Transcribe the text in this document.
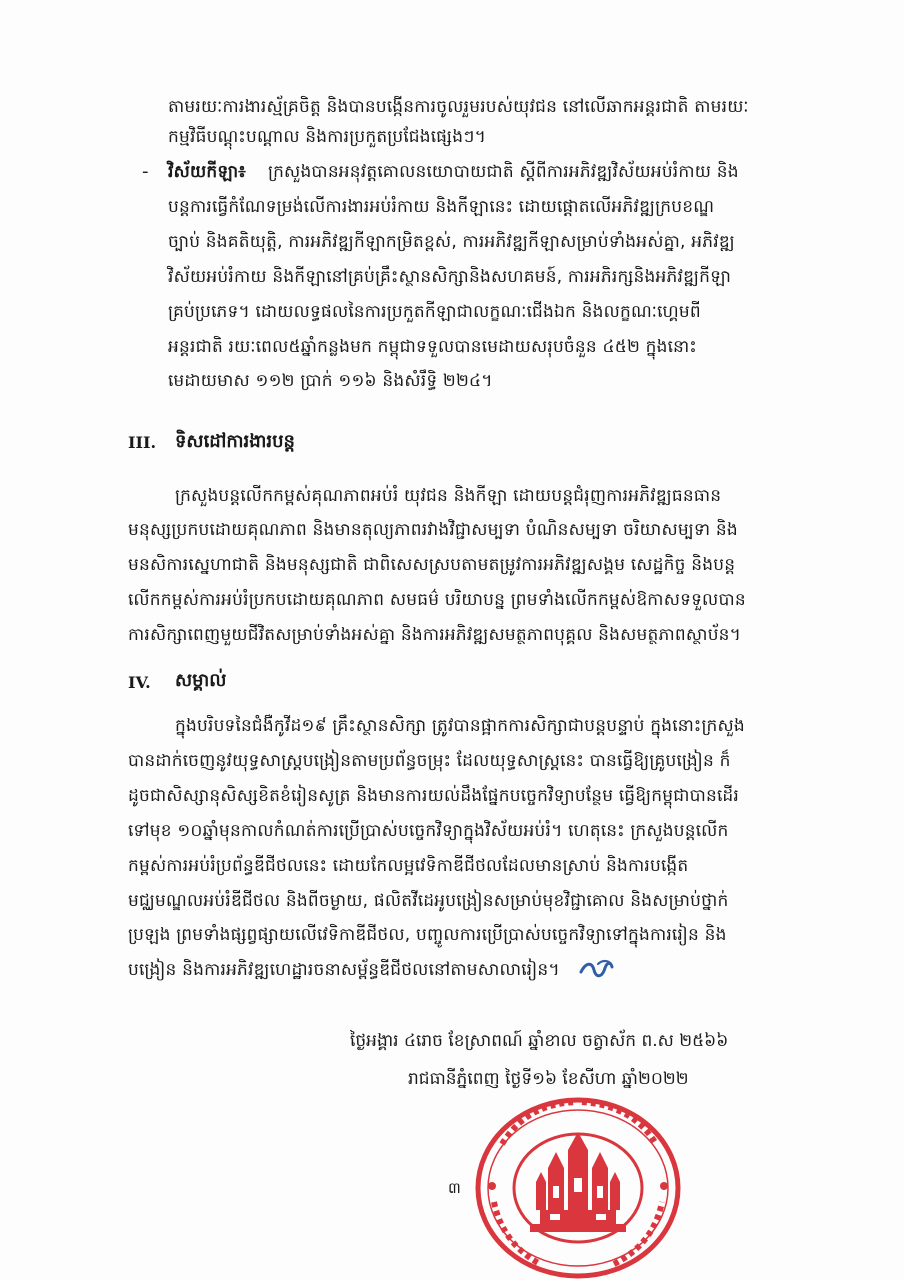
តាមរយៈការងារស្ម័គ្រចិត្ត និងបានបង្កើនការចូលរួមរបស់យុវជន នៅលើឆាកអន្តរជាតិ តាមរយៈ
កម្មវិធីបណ្តុះបណ្តាល និងការប្រកួតប្រជែងផ្សេងៗ។
- វិស័យកីឡា៖ ក្រសួងបានអនុវត្តគោលនយោបាយជាតិ ស្តីពីការអភិវឌ្ឍវិស័យអប់រំកាយ និង
បន្តការធ្វើកំណែទម្រង់លើការងារអប់រំកាយ និងកីឡានេះ ដោយផ្តោតលើអភិវឌ្ឍក្របខណ្ឌ
ច្បាប់ និងគតិយុត្តិ, ការអភិវឌ្ឍកីឡាកម្រិតខ្ពស់, ការអភិវឌ្ឍកីឡាសម្រាប់ទាំងអស់គ្នា, អភិវឌ្ឍ
វិស័យអប់រំកាយ និងកីឡានៅគ្រប់គ្រឹះស្ថានសិក្សានិងសហគមន៍, ការអភិរក្សនិងអភិវឌ្ឍកីឡា
គ្រប់ប្រភេទ។ ដោយលទ្ធផលនៃការប្រកួតកីឡាជាលក្ខណៈជើងឯក និងលក្ខណៈហ្គេមពី
អន្តរជាតិ រយៈពេល៥ឆ្នាំកន្លងមក កម្ពុជាទទួលបានមេដាយសរុបចំនួន ៤៥២ ក្នុងនោះ
មេដាយមាស ១១២ ប្រាក់ ១១៦ និងសំរឹទ្ធិ ២២៤។
III. ទិសដៅការងារបន្ត
ក្រសួងបន្តលើកកម្ពស់គុណភាពអប់រំ យុវជន និងកីឡា ដោយបន្តជំរុញការអភិវឌ្ឍធនធាន
មនុស្សប្រកបដោយគុណភាព និងមានតុល្យភាពរវាងវិជ្ជាសម្បទា បំណិនសម្បទា ចរិយាសម្បទា និង
មនសិការស្នេហាជាតិ និងមនុស្សជាតិ ជាពិសេសស្របតាមតម្រូវការអភិវឌ្ឍសង្គម សេដ្ឋកិច្ច និងបន្ត
លើកកម្ពស់ការអប់រំប្រកបដោយគុណភាព សមធម៌ បរិយាបន្ន ព្រមទាំងលើកកម្ពស់ឱកាសទទួលបាន
ការសិក្សាពេញមួយជីវិតសម្រាប់ទាំងអស់គ្នា និងការអភិវឌ្ឍសមត្ថភាពបុគ្គល និងសមត្ថភាពស្ថាប័ន។
IV. សម្គាល់
ក្នុងបរិបទនៃជំងឺកូវីដ១៩ គ្រឹះស្ថានសិក្សា ត្រូវបានផ្អាកការសិក្សាជាបន្តបន្ទាប់ ក្នុងនោះក្រសួង
បានដាក់ចេញនូវយុទ្ធសាស្ត្របង្រៀនតាមប្រព័ន្ធចម្រុះ ដែលយុទ្ធសាស្ត្រនេះ បានធ្វើឱ្យគ្រូបង្រៀន ក៏
ដូចជាសិស្សានុសិស្សខិតខំរៀនសូត្រ និងមានការយល់ដឹងផ្នែកបច្ចេកវិទ្យាបន្ថែម ធ្វើឱ្យកម្ពុជាបានដើរ
ទៅមុខ ១០ឆ្នាំមុនកាលកំណត់ការប្រើប្រាស់បច្ចេកវិទ្យាក្នុងវិស័យអប់រំ។ ហេតុនេះ ក្រសួងបន្តលើក
កម្ពស់ការអប់រំប្រព័ន្ធឌីជីថលនេះ ដោយកែលម្អវេទិកាឌីជីថលដែលមានស្រាប់ និងការបង្កើត
មជ្ឈមណ្ឌលអប់រំឌីជីថល និងពីចម្ងាយ, ផលិតវីដេអូបង្រៀនសម្រាប់មុខវិជ្ជាគោល និងសម្រាប់ថ្នាក់
ប្រឡង ព្រមទាំងផ្សព្វផ្សាយលើវេទិកាឌីជីថល, បញ្ចូលការប្រើប្រាស់បច្ចេកវិទ្យាទៅក្នុងការរៀន និង
បង្រៀន និងការអភិវឌ្ឍហេដ្ឋារចនាសម្ព័ន្ធឌីជីថលនៅតាមសាលារៀន។
ថ្ងៃអង្គារ ៤រោច ខែស្រាពណ៍ ឆ្នាំខាល ចត្វាស័ក ព.ស ២៥៦៦
រាជធានីភ្នំពេញ ថ្ងៃទី១៦ ខែសីហា ឆ្នាំ២០២២
៣
